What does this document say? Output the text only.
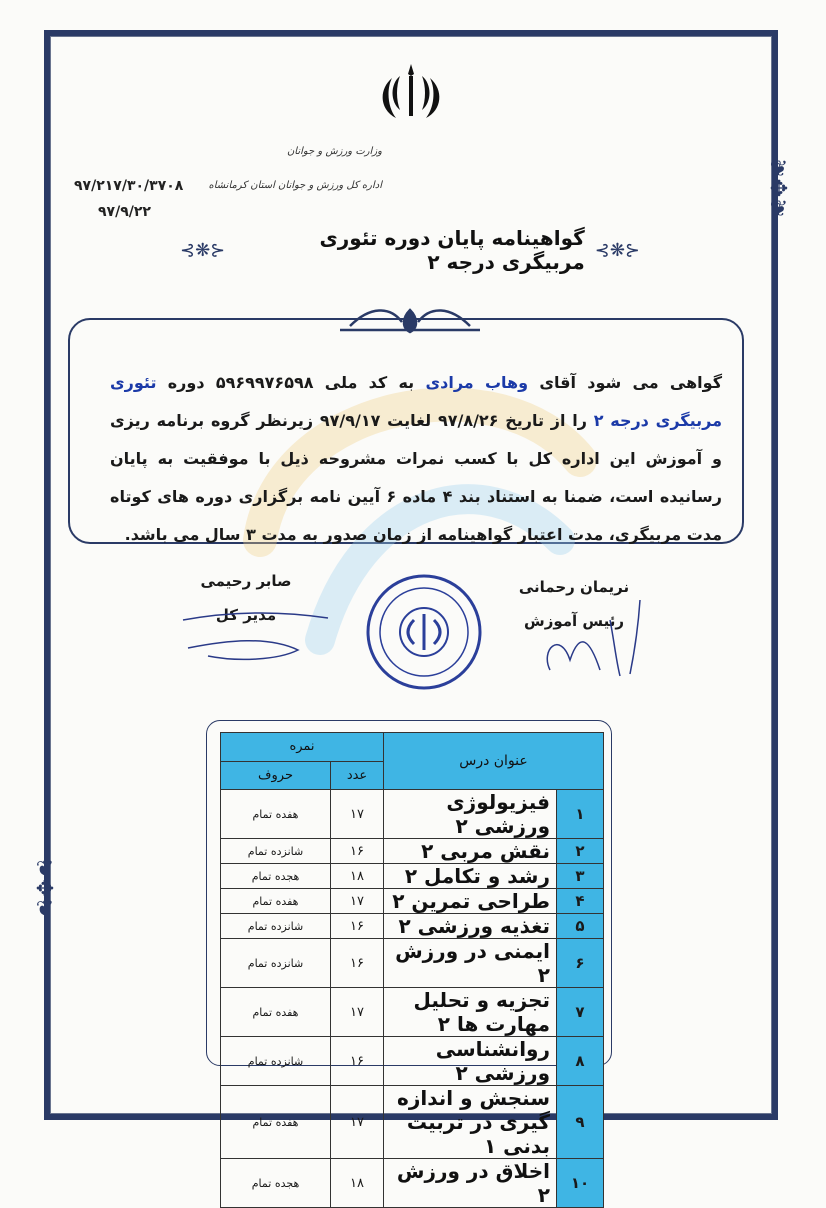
❦
✥
❦
❦
✥
❦
وزارت ورزش و جوانان
اداره کل ورزش و جوانان استان کرمانشاه
۹۷/۲۱۷/۳۰/۳۷۰۸
۹۷/۹/۲۲
⊰❋⊱	گواهینامه پایان دوره تئوری مربیگری درجه ۲ ⊰❋⊱
گواهی می شود آقای وهاب مرادی به کد ملی ۵۹۶۹۹۷۶۵۹۸ دوره تئوری مربیگری درجه ۲ را از تاریخ ۹۷/۸/۲۶ لغایت ۹۷/۹/۱۷ زیرنظر گروه برنامه ریزی و آموزش این اداره کل با کسب نمرات مشروحه ذیل با موفقیت به پایان رسانیده است، ضمنا به استناد بند ۴ ماده ۶ آیین نامه برگزاری دوره های کوتاه مدت مربیگری، مدت اعتبار گواهینامه از زمان صدور به مدت ۳ سال می باشد.
صابر رحیمی
مدیر کل
نریمان رحمانی
رئیس آموزش
عنوان درس		نمره	
		عدد	حروف
۱	فیزیولوژی ورزشی ۲	۱۷	هفده تمام
۲	نقش مربی ۲	۱۶	شانزده تمام
۳	رشد و تکامل ۲	۱۸	هجده تمام
۴	طراحی تمرین ۲	۱۷	هفده تمام
۵	تغذیه ورزشی ۲	۱۶	شانزده تمام
۶	ایمنی در ورزش ۲	۱۶	شانزده تمام
۷	تجزیه و تحلیل مهارت ها ۲	۱۷	هفده تمام
۸	روانشناسی ورزشی ۲	۱۶	شانزده تمام
۹	سنجش و اندازه گیری در تربیت بدنی ۱	۱۷	هفده تمام
۱۰	اخلاق در ورزش ۲	۱۸	هجده تمام
